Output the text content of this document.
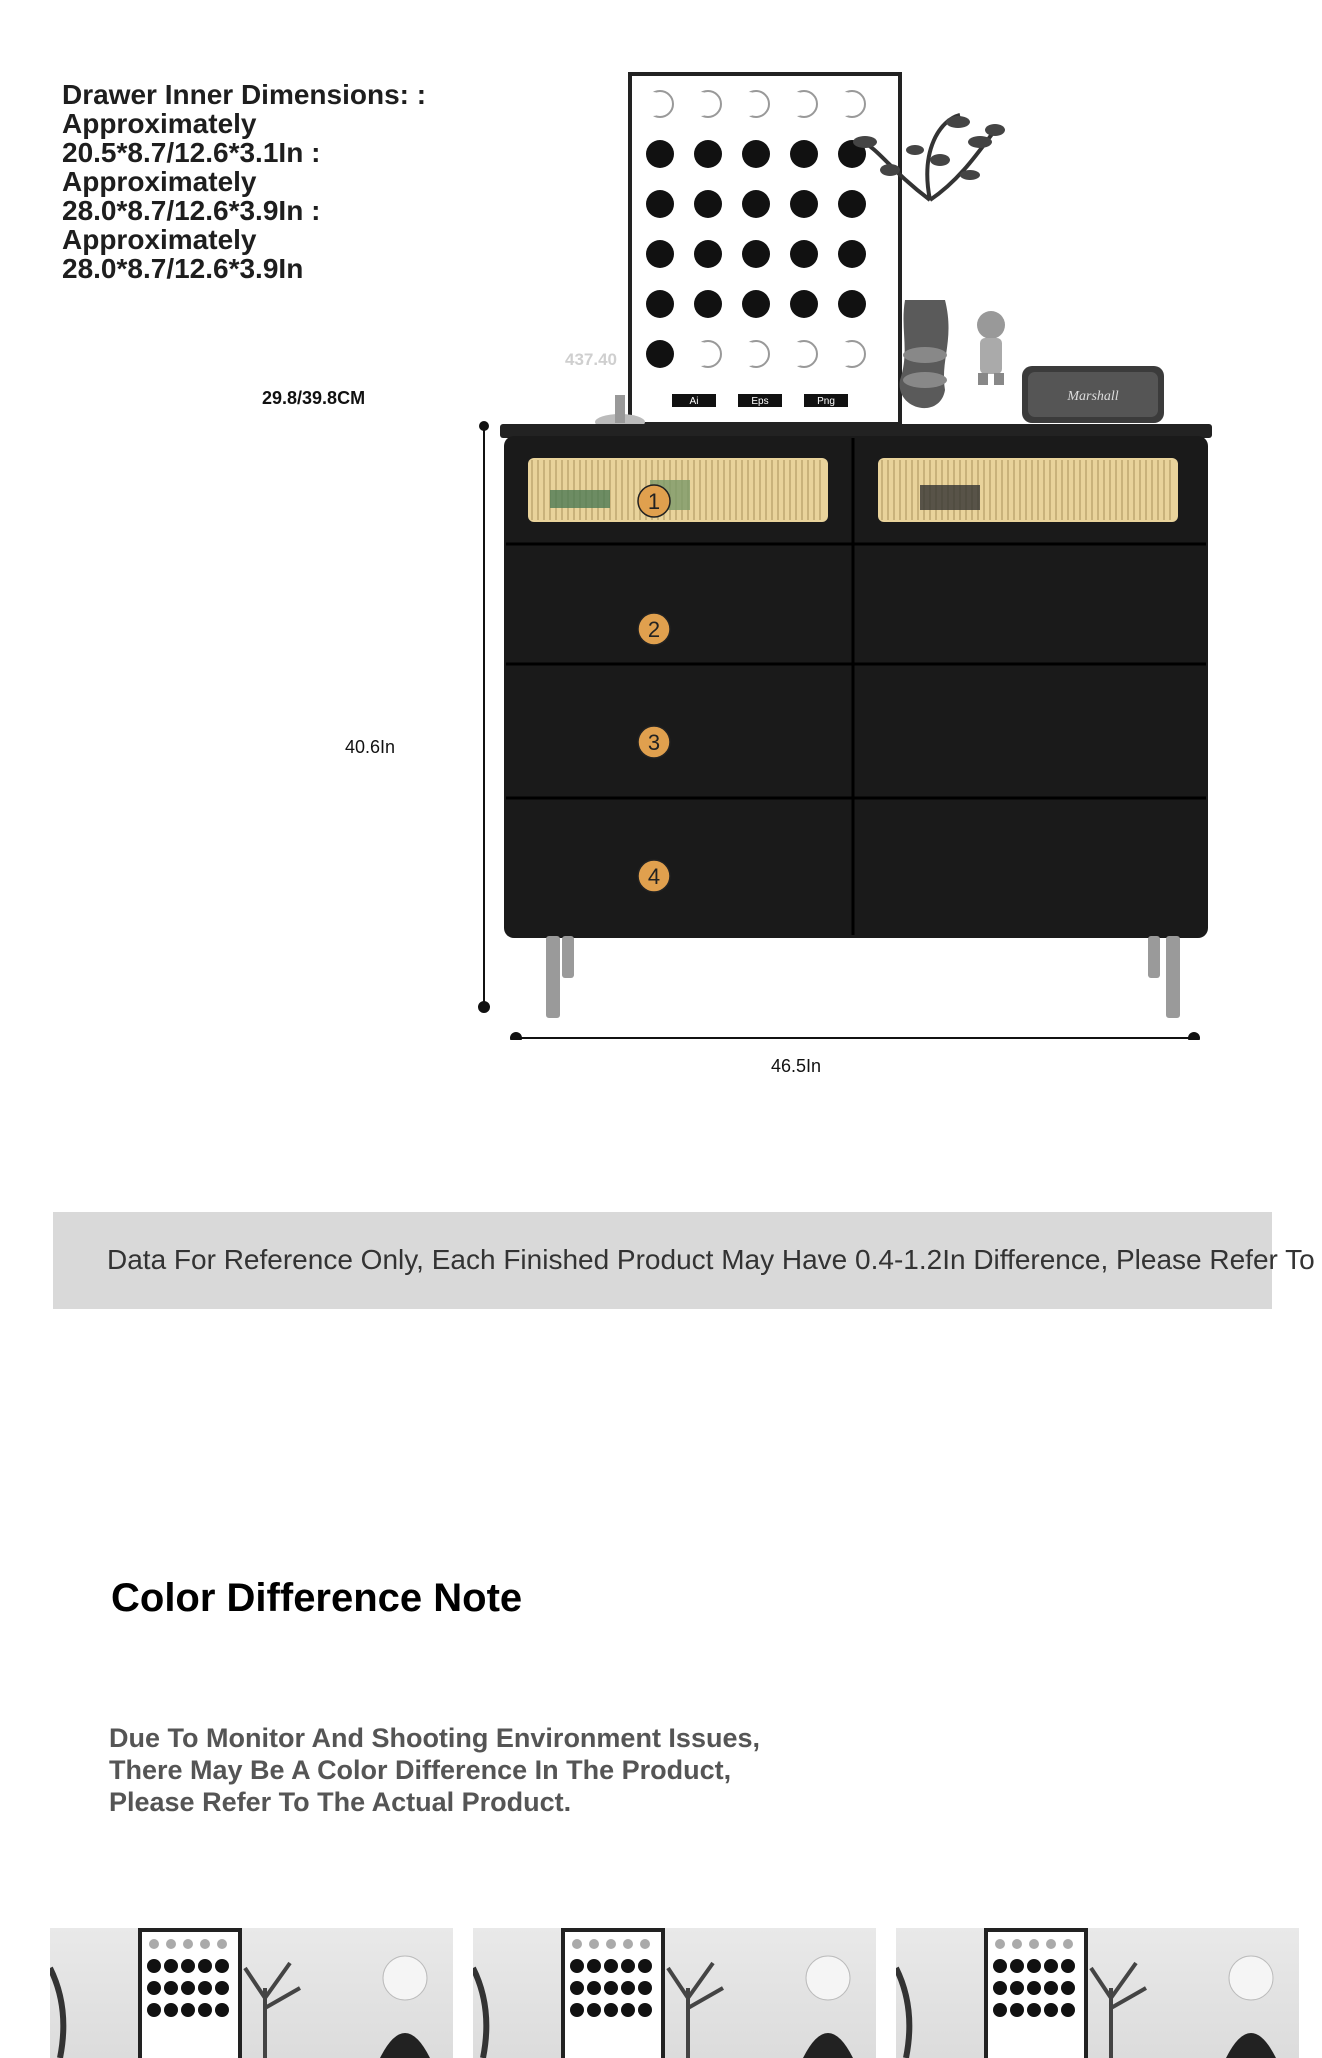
Drawer Inner Dimensions: :
Approximately
20.5*8.7/12.6*3.1In :
Approximately
28.0*8.7/12.6*3.9In :
Approximately
28.0*8.7/12.6*3.9In
29.8/39.8CM
40.6In
46.5In
Ai	Eps	Png	Marshall
1
2
3
4
437.40
Data For Reference Only, Each Finished Product May Have 0.4-1.2In Difference, Please Refer To
Color Difference Note
Due To Monitor And Shooting Environment Issues, There May Be A Color Difference In The Product, Please Refer To The Actual Product.
